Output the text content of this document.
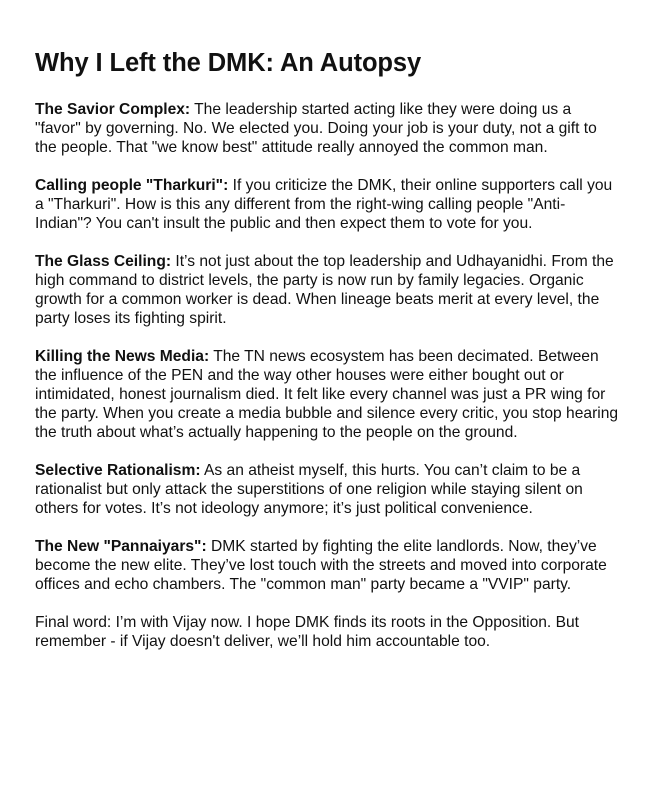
Why I Left the DMK: An Autopsy

The Savior Complex: The leadership started acting like they were doing us a "favor" by governing. No. We elected you. Doing your job is your duty, not a gift to the people. That "we know best" attitude really annoyed the common man.

Calling people "Tharkuri": If you criticize the DMK, their online supporters call you a "Tharkuri". How is this any different from the right-wing calling people "Anti-Indian"? You can't insult the public and then expect them to vote for you.

The Glass Ceiling: It’s not just about the top leadership and Udhayanidhi. From the high command to district levels, the party is now run by family legacies. Organic growth for a common worker is dead. When lineage beats merit at every level, the party loses its fighting spirit.

Killing the News Media: The TN news ecosystem has been decimated. Between the influence of the PEN and the way other houses were either bought out or intimidated, honest journalism died. It felt like every channel was just a PR wing for the party. When you create a media bubble and silence every critic, you stop hearing the truth about what’s actually happening to the people on the ground.

Selective Rationalism: As an atheist myself, this hurts. You can’t claim to be a rationalist but only attack the superstitions of one religion while staying silent on others for votes. It’s not ideology anymore; it’s just political convenience.

The New "Pannaiyars": DMK started by fighting the elite landlords. Now, they’ve become the new elite. They’ve lost touch with the streets and moved into corporate offices and echo chambers. The "common man" party became a "VVIP" party.

Final word: I’m with Vijay now. I hope DMK finds its roots in the Opposition. But remember - if Vijay doesn't deliver, we’ll hold him accountable too.
